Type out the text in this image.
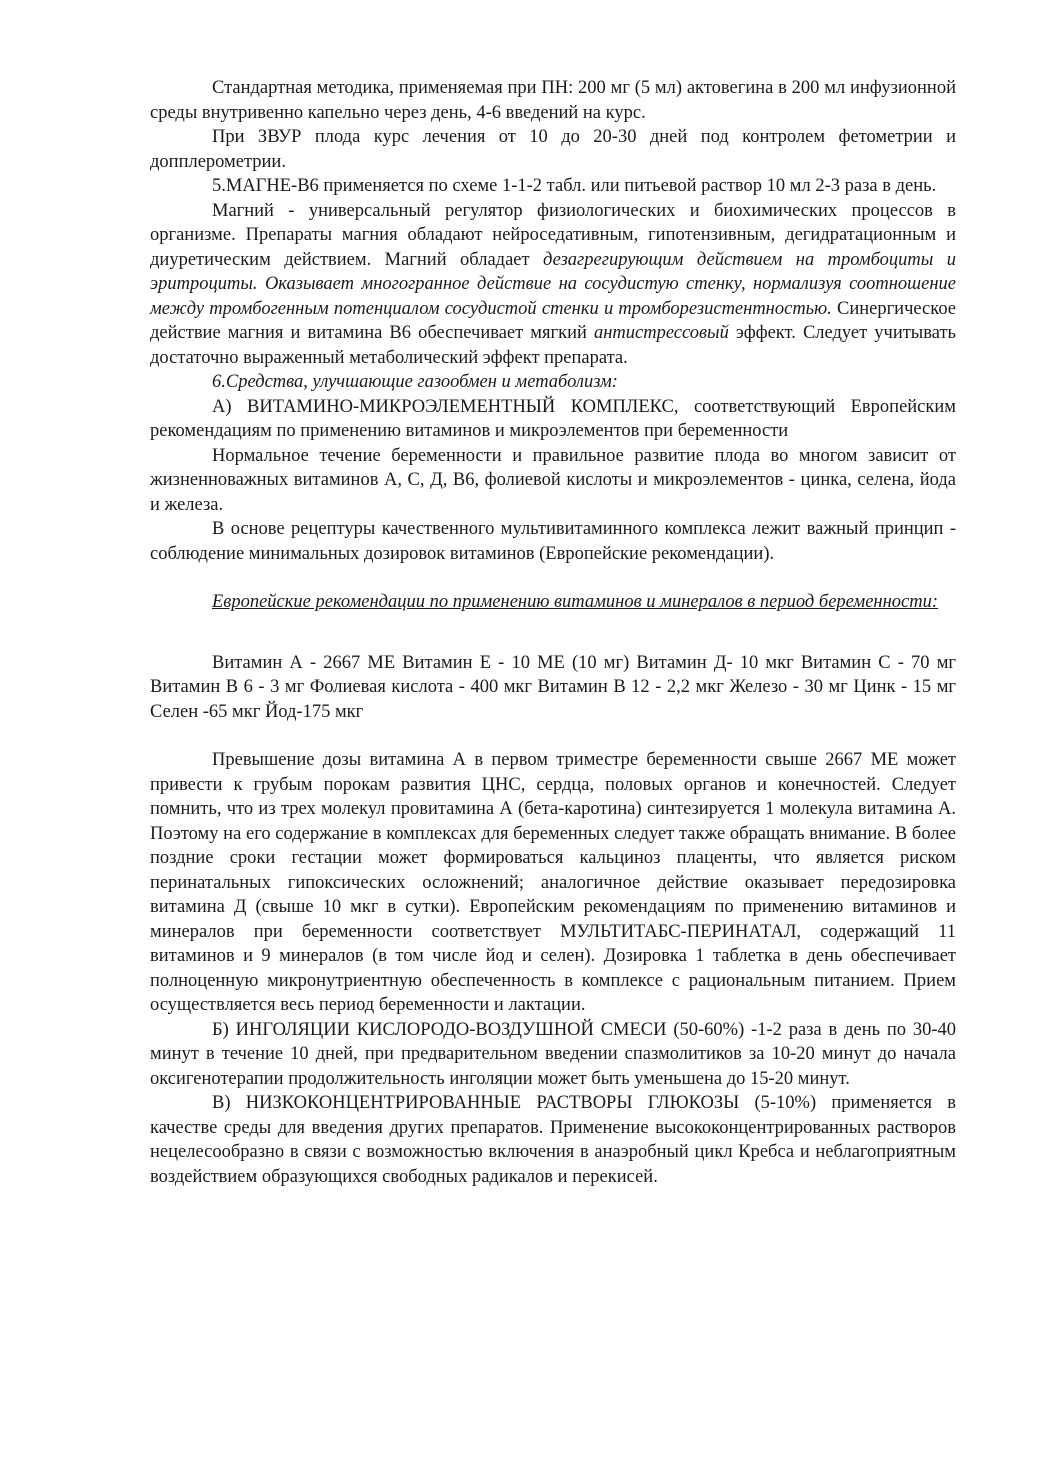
Стандартная методика, применяемая при ПН: 200 мг (5 мл) актовегина в 200 мл инфузионной среды внутривенно капельно через день, 4-6 введений на курс.

При ЗВУР плода курс лечения от 10 до 20-30 дней под контролем фетометрии и допплерометрии.

5.МАГНЕ-В6 применяется по схеме 1-1-2 табл. или питьевой раствор 10 мл 2-3 раза в день.

Магний - универсальный регулятор физиологических и биохимических процессов в организме. Препараты магния обладают нейроседативным, гипотензивным, дегидратационным и диуретическим действием. Магний обладает дезагрегирующим действием на тромбоциты и эритроциты. Оказывает многогранное действие на сосудистую стенку, нормализуя соотношение между тромбогенным потенциалом сосудистой стенки и тромборезистентностью. Синергическое действие магния и витамина В6 обеспечивает мягкий антистрессовый эффект. Следует учитывать достаточно выраженный метаболический эффект препарата.

6.Средства, улучшающие газообмен и метаболизм:

А) ВИТАМИНО-МИКРОЭЛЕМЕНТНЫЙ КОМПЛЕКС, соответствующий Европейским рекомендациям по применению витаминов и микроэлементов при беременности

Нормальное течение беременности и правильное развитие плода во многом зависит от жизненноважных витаминов А, С, Д, В6, фолиевой кислоты и микроэлементов - цинка, селена, йода и железа.

В основе рецептуры качественного мультивитаминного комплекса лежит важный принцип - соблюдение минимальных дозировок витаминов (Европейские рекомендации).

Европейские рекомендации по применению витаминов и минералов в период беременности:

Витамин А - 2667 МЕ Витамин Е - 10 МЕ (10 мг) Витамин Д- 10 мкг Витамин С - 70 мг Витамин В 6 - 3 мг Фолиевая кислота - 400 мкг Витамин В 12 - 2,2 мкг Железо - 30 мг Цинк - 15 мг Селен -65 мкг Йод-175 мкг

Превышение дозы витамина А в первом триместре беременности свыше 2667 МЕ может привести к грубым порокам развития ЦНС, сердца, половых органов и конечностей. Следует помнить, что из трех молекул провитамина А (бета-каротина) синтезируется 1 молекула витамина А. Поэтому на его содержание в комплексах для беременных следует также обращать внимание. В более поздние сроки гестации может формироваться кальциноз плаценты, что является риском перинатальных гипоксических осложнений; аналогичное действие оказывает передозировка витамина Д (свыше 10 мкг в сутки). Европейским рекомендациям по применению витаминов и минералов при беременности соответствует МУЛЬТИТАБС-ПЕРИНАТАЛ, содержащий 11 витаминов и 9 минералов (в том числе йод и селен). Дозировка 1 таблетка в день обеспечивает полноценную микронутриентную обеспеченность в комплексе с рациональным питанием. Прием осуществляется весь период беременности и лактации.

Б) ИНГОЛЯЦИИ КИСЛОРОДО-ВОЗДУШНОЙ СМЕСИ (50-60%) -1-2 раза в день по 30-40 минут в течение 10 дней, при предварительном введении спазмолитиков за 10-20 минут до начала оксигенотерапии продолжительность инголяции может быть уменьшена до 15-20 минут.

В) НИЗКОКОНЦЕНТРИРОВАННЫЕ РАСТВОРЫ ГЛЮКОЗЫ (5-10%) применяется в качестве среды для введения других препаратов. Применение высококонцентрированных растворов нецелесообразно в связи с возможностью включения в анаэробный цикл Кребса и неблагоприятным воздействием образующихся свободных радикалов и перекисей.
